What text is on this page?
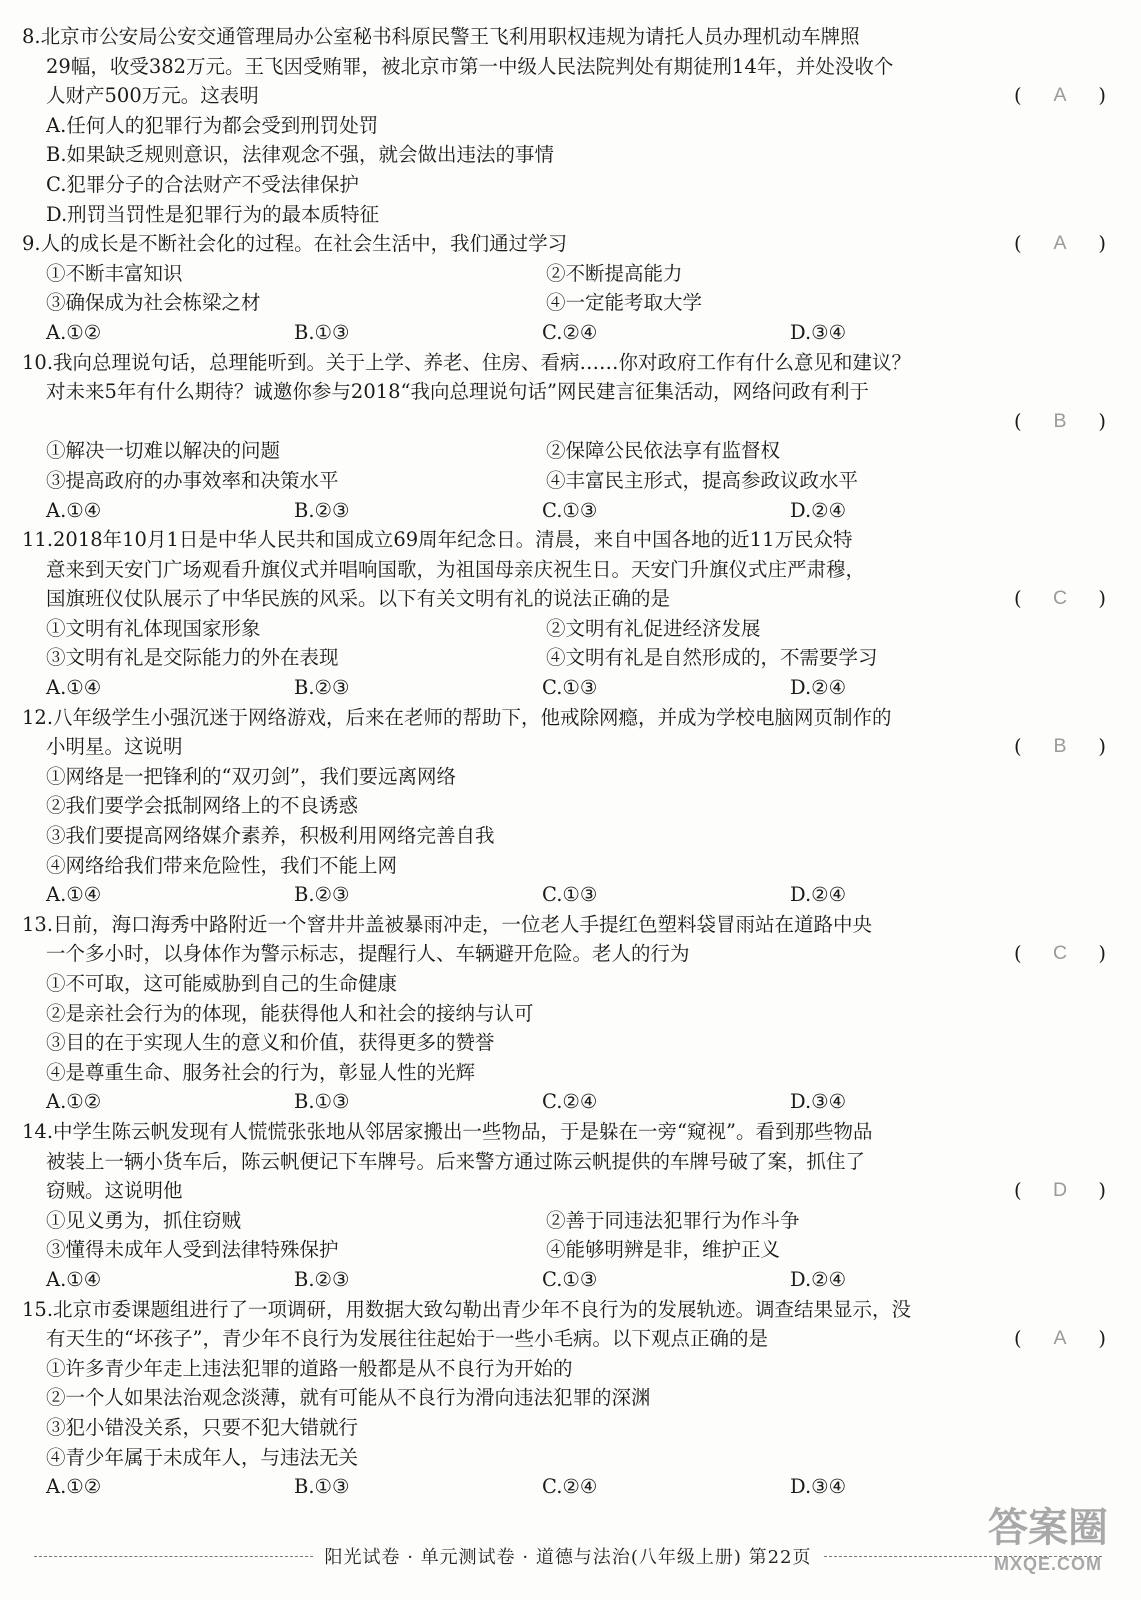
8.北京市公安局公安交通管理局办公室秘书科原民警王飞利用职权违规为请托人员办理机动车牌照

29幅，收受382万元。王飞因受贿罪，被北京市第一中级人民法院判处有期徒刑14年，并处没收个

人财产500万元。这表明	( A )
A.任何人的犯罪行为都会受到刑罚处罚
B.如果缺乏规则意识，法律观念不强，就会做出违法的事情
C.犯罪分子的合法财产不受法律保护
D.刑罚当罚性是犯罪行为的最本质特征

9.人的成长是不断社会化的过程。在社会生活中，我们通过学习	( A )
①不断丰富知识	②不断提高能力
③确保成为社会栋梁之材	④一定能考取大学
A.①②	B.①③	C.②④	D.③④

10.我向总理说句话，总理能听到。关于上学、养老、住房、看病……你对政府工作有什么意见和建议？

对未来5年有什么期待？诚邀你参与2018“我向总理说句话”网民建言征集活动，网络问政有利于

( B )
①解决一切难以解决的问题	②保障公民依法享有监督权
③提高政府的办事效率和决策水平	④丰富民主形式，提高参政议政水平
A.①④	B.②③	C.①③	D.②④

11.2018年10月1日是中华人民共和国成立69周年纪念日。清晨，来自中国各地的近11万民众特

意来到天安门广场观看升旗仪式并唱响国歌，为祖国母亲庆祝生日。天安门升旗仪式庄严肃穆，

国旗班仪仗队展示了中华民族的风采。以下有关文明有礼的说法正确的是	( C )
①文明有礼体现国家形象	②文明有礼促进经济发展
③文明有礼是交际能力的外在表现	④文明有礼是自然形成的，不需要学习
A.①④	B.②③	C.①③	D.②④

12.八年级学生小强沉迷于网络游戏，后来在老师的帮助下，他戒除网瘾，并成为学校电脑网页制作的

小明星。这说明	( B )
①网络是一把锋利的“双刃剑”，我们要远离网络
②我们要学会抵制网络上的不良诱惑
③我们要提高网络媒介素养，积极利用网络完善自我
④网络给我们带来危险性，我们不能上网
A.①④	B.②③	C.①③	D.②④

13.日前，海口海秀中路附近一个窨井井盖被暴雨冲走，一位老人手提红色塑料袋冒雨站在道路中央

一个多小时，以身体作为警示标志，提醒行人、车辆避开危险。老人的行为	( C )
①不可取，这可能威胁到自己的生命健康
②是亲社会行为的体现，能获得他人和社会的接纳与认可
③目的在于实现人生的意义和价值，获得更多的赞誉
④是尊重生命、服务社会的行为，彰显人性的光辉
A.①②	B.①③	C.②④	D.③④

14.中学生陈云帆发现有人慌慌张张地从邻居家搬出一些物品，于是躲在一旁“窥视”。看到那些物品

被装上一辆小货车后，陈云帆便记下车牌号。后来警方通过陈云帆提供的车牌号破了案，抓住了

窃贼。这说明他	( D )
①见义勇为，抓住窃贼	②善于同违法犯罪行为作斗争
③懂得未成年人受到法律特殊保护	④能够明辨是非，维护正义
A.①④	B.②③	C.①③	D.②④

15.北京市委课题组进行了一项调研，用数据大致勾勒出青少年不良行为的发展轨迹。调查结果显示，没

有天生的“坏孩子”，青少年不良行为发展往往起始于一些小毛病。以下观点正确的是	( A )
①许多青少年走上违法犯罪的道路一般都是从不良行为开始的
②一个人如果法治观念淡薄，就有可能从不良行为滑向违法犯罪的深渊
③犯小错没关系，只要不犯大错就行
④青少年属于未成年人，与违法无关
A.①②	B.①③	C.②④	D.③④
阳光试卷 · 单元测试卷 · 道德与法治(八年级上册) 第22页
答案圈
MXQE.COM
